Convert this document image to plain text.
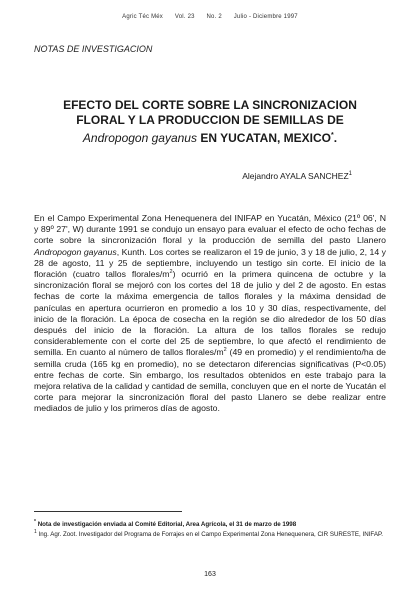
Agric Téc Méx Vol. 23 No. 2 Julio - Diciembre 1997
NOTAS DE INVESTIGACION
EFECTO DEL CORTE SOBRE LA SINCRONIZACION
FLORAL Y LA PRODUCCION DE SEMILLAS DE
Andropogon gayanus EN YUCATAN, MEXICO*.
Alejandro AYALA SANCHEZ$^1$
En el Campo Experimental Zona Henequenera del INIFAP en Yucatán, México (21º 06', N y 89º 27', W) durante 1991 se condujo un ensayo para evaluar el efecto de ocho fechas de corte sobre la sincronización floral y la producción de semilla del pasto Llanero Andropogon gayanus, Kunth. Los cortes se realizaron el 19 de junio, 3 y 18 de julio, 2, 14 y 28 de agosto, 11 y 25 de septiembre, incluyendo un testigo sin corte. El inicio de la floración (cuatro tallos florales/$m^2$) ocurrió en la primera quincena de octubre y la sincronización floral se mejoró con los cortes del 18 de julio y del 2 de agosto. En estas fechas de corte la máxima emergencia de tallos florales y la máxima densidad de panículas en apertura ocurrieron en promedio a los 10 y 30 días, respectivamente, del inicio de la floración. La época de cosecha en la región se dio alrededor de los 50 días después del inicio de la floración. La altura de los tallos florales se redujo considerablemente con el corte del 25 de septiembre, lo que afectó el rendimiento de semilla. En cuanto al número de tallos florales/$m^2$ (49 en promedio) y el rendimiento/ha de semilla cruda (165 kg en promedio), no se detectaron diferencias significativas (P<0.05) entre fechas de corte. Sin embargo, los resultados obtenidos en este trabajo para la mejora relativa de la calidad y cantidad de semilla, concluyen que en el norte de Yucatán el corte para mejorar la sincronización floral del pasto Llanero se debe realizar entre mediados de julio y los primeros días de agosto.
* Nota de investigación enviada al Comité Editorial, Area Agrícola, el 31 de marzo de 1998
$^1$ Ing. Agr. Zoot. Investigador del Programa de Forrajes en el Campo Experimental Zona Henequenera, CIR SURESTE, INIFAP.
163
